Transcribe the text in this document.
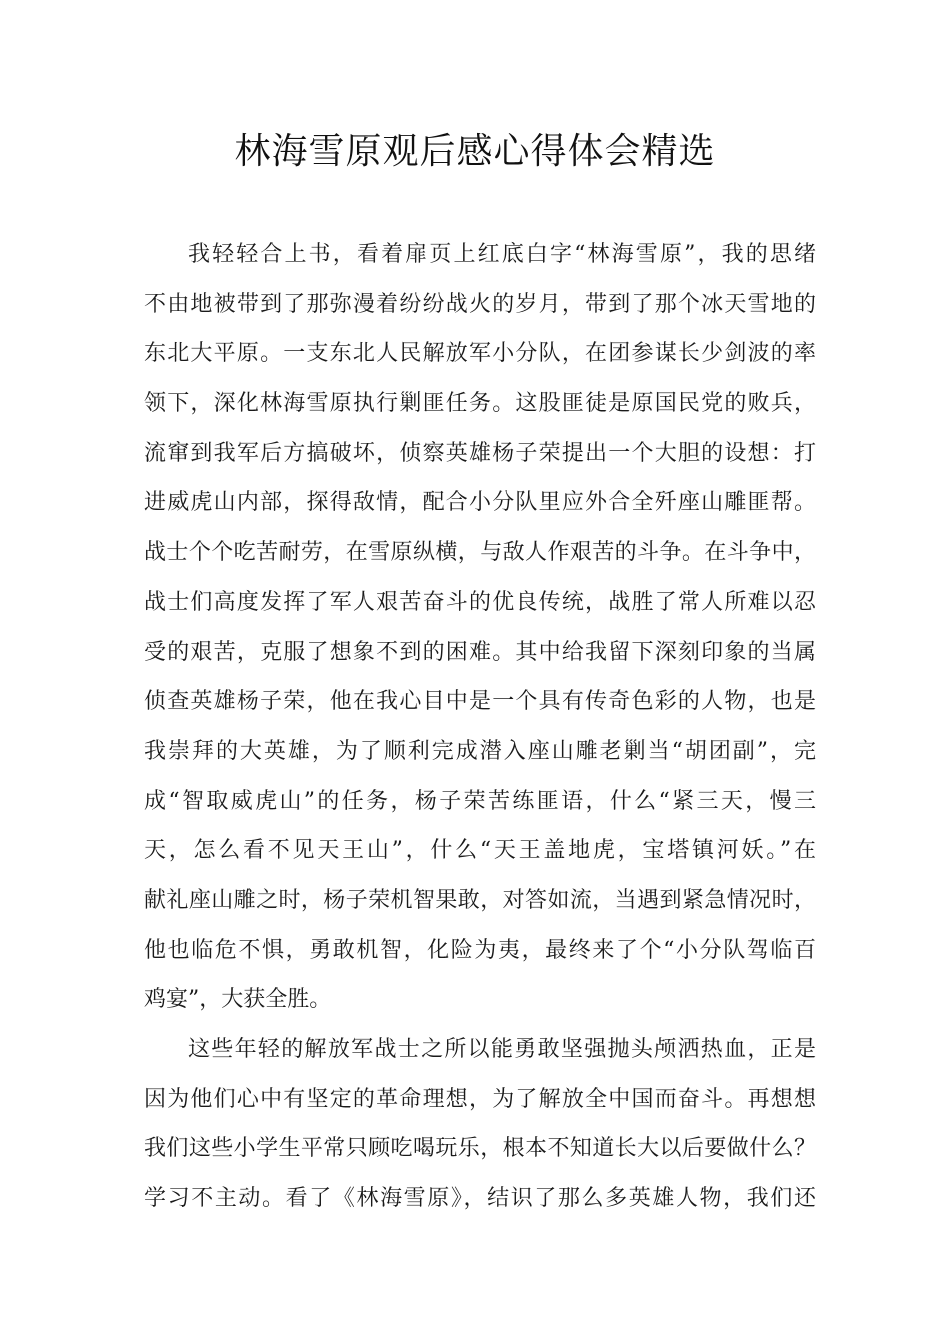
林海雪原观后感心得体会精选
我轻轻合上书，看着扉页上红底白字“林海雪原”，我的思绪
不由地被带到了那弥漫着纷纷战火的岁月，带到了那个冰天雪地的
东北大平原。一支东北人民解放军小分队，在团参谋长少剑波的率
领下，深化林海雪原执行剿匪任务。这股匪徒是原国民党的败兵，
流窜到我军后方搞破坏，侦察英雄杨子荣提出一个大胆的设想：打
进威虎山内部，探得敌情，配合小分队里应外合全歼座山雕匪帮。
战士个个吃苦耐劳，在雪原纵横，与敌人作艰苦的斗争。在斗争中，
战士们高度发挥了军人艰苦奋斗的优良传统，战胜了常人所难以忍
受的艰苦，克服了想象不到的困难。其中给我留下深刻印象的当属
侦查英雄杨子荣，他在我心目中是一个具有传奇色彩的人物，也是
我崇拜的大英雄，为了顺利完成潜入座山雕老剿当“胡团副”，完
成“智取威虎山”的任务，杨子荣苦练匪语，什么“紧三天，慢三
天，怎么看不见天王山”，什么“天王盖地虎，宝塔镇河妖。”在
献礼座山雕之时，杨子荣机智果敢，对答如流，当遇到紧急情况时，
他也临危不惧，勇敢机智，化险为夷，最终来了个“小分队驾临百
鸡宴”，大获全胜。
这些年轻的解放军战士之所以能勇敢坚强抛头颅洒热血，正是
因为他们心中有坚定的革命理想，为了解放全中国而奋斗。再想想
我们这些小学生平常只顾吃喝玩乐，根本不知道长大以后要做什么？
学习不主动。看了《林海雪原》，结识了那么多英雄人物，我们还
